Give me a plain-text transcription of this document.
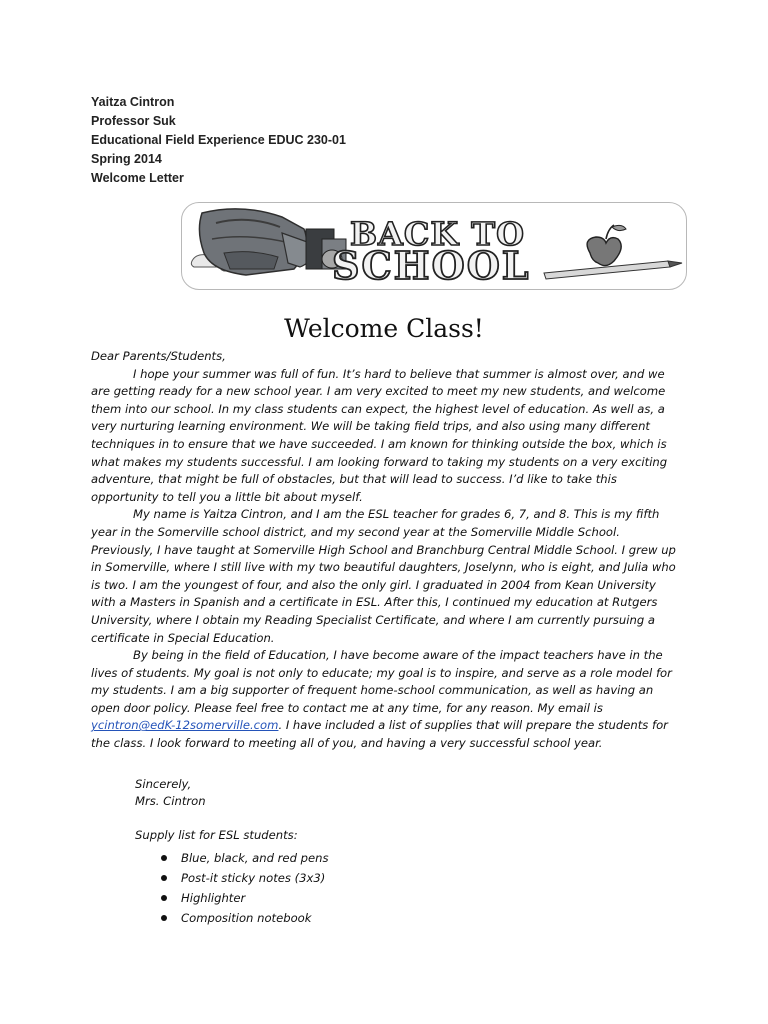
Yaitza Cintron
Professor Suk
Educational Field Experience EDUC 230-01
Spring 2014
Welcome Letter
BACK TO
SCHOOL
Welcome Class!

Dear Parents/Students,

I hope your summer was full of fun. It’s hard to believe that summer is almost over, and we are getting ready for a new school year. I am very excited to meet my new students, and welcome them into our school. In my class students can expect, the highest level of education. As well as, a very nurturing learning environment. We will be taking field trips, and also using many different techniques in to ensure that we have succeeded. I am known for thinking outside the box, which is what makes my students successful. I am looking forward to taking my students on a very exciting adventure, that might be full of obstacles, but that will lead to success. I’d like to take this opportunity to tell you a little bit about myself.

My name is Yaitza Cintron, and I am the ESL teacher for grades 6, 7, and 8. This is my fifth year in the Somerville school district, and my second year at the Somerville Middle School. Previously, I have taught at Somerville High School and Branchburg Central Middle School. I grew up in Somerville, where I still live with my two beautiful daughters, Joselynn, who is eight, and Julia who is two. I am the youngest of four, and also the only girl. I graduated in 2004 from Kean University with a Masters in Spanish and a certificate in ESL. After this, I continued my education at Rutgers University, where I obtain my Reading Specialist Certificate, and where I am currently pursuing a certificate in Special Education.

By being in the field of Education, I have become aware of the impact teachers have in the lives of students. My goal is not only to educate; my goal is to inspire, and serve as a role model for my students. I am a big supporter of frequent home-school communication, as well as having an open door policy. Please feel free to contact me at any time, for any reason. My email is ycintron@edK-12somerville.com. I have included a list of supplies that will prepare the students for the class. I look forward to meeting all of you, and having a very successful school year.

Sincerely,
Mrs. Cintron
Supply list for ESL students:
Blue, black, and red pens
Post-it sticky notes (3x3)
Highlighter
Composition notebook
